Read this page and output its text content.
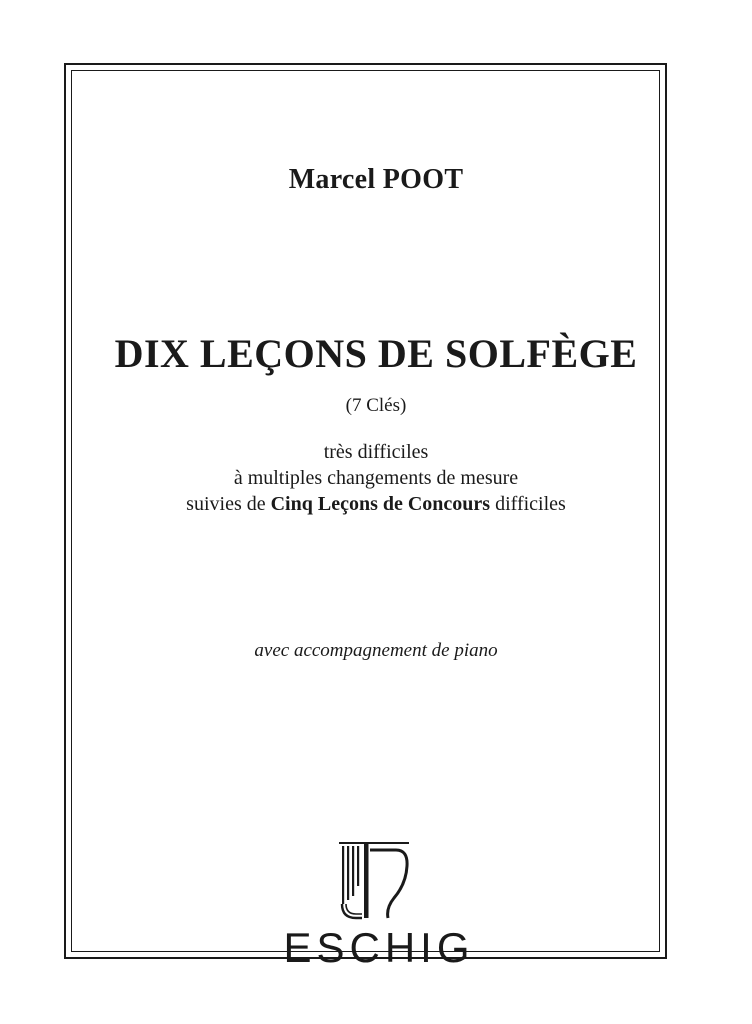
Marcel POOT
DIX LEÇONS DE SOLFÈGE
(7 Clés)
très difficiles
à multiples changements de mesure
suivies de Cinq Leçons de Concours difficiles
avec accompagnement de piano
ESCHIG
